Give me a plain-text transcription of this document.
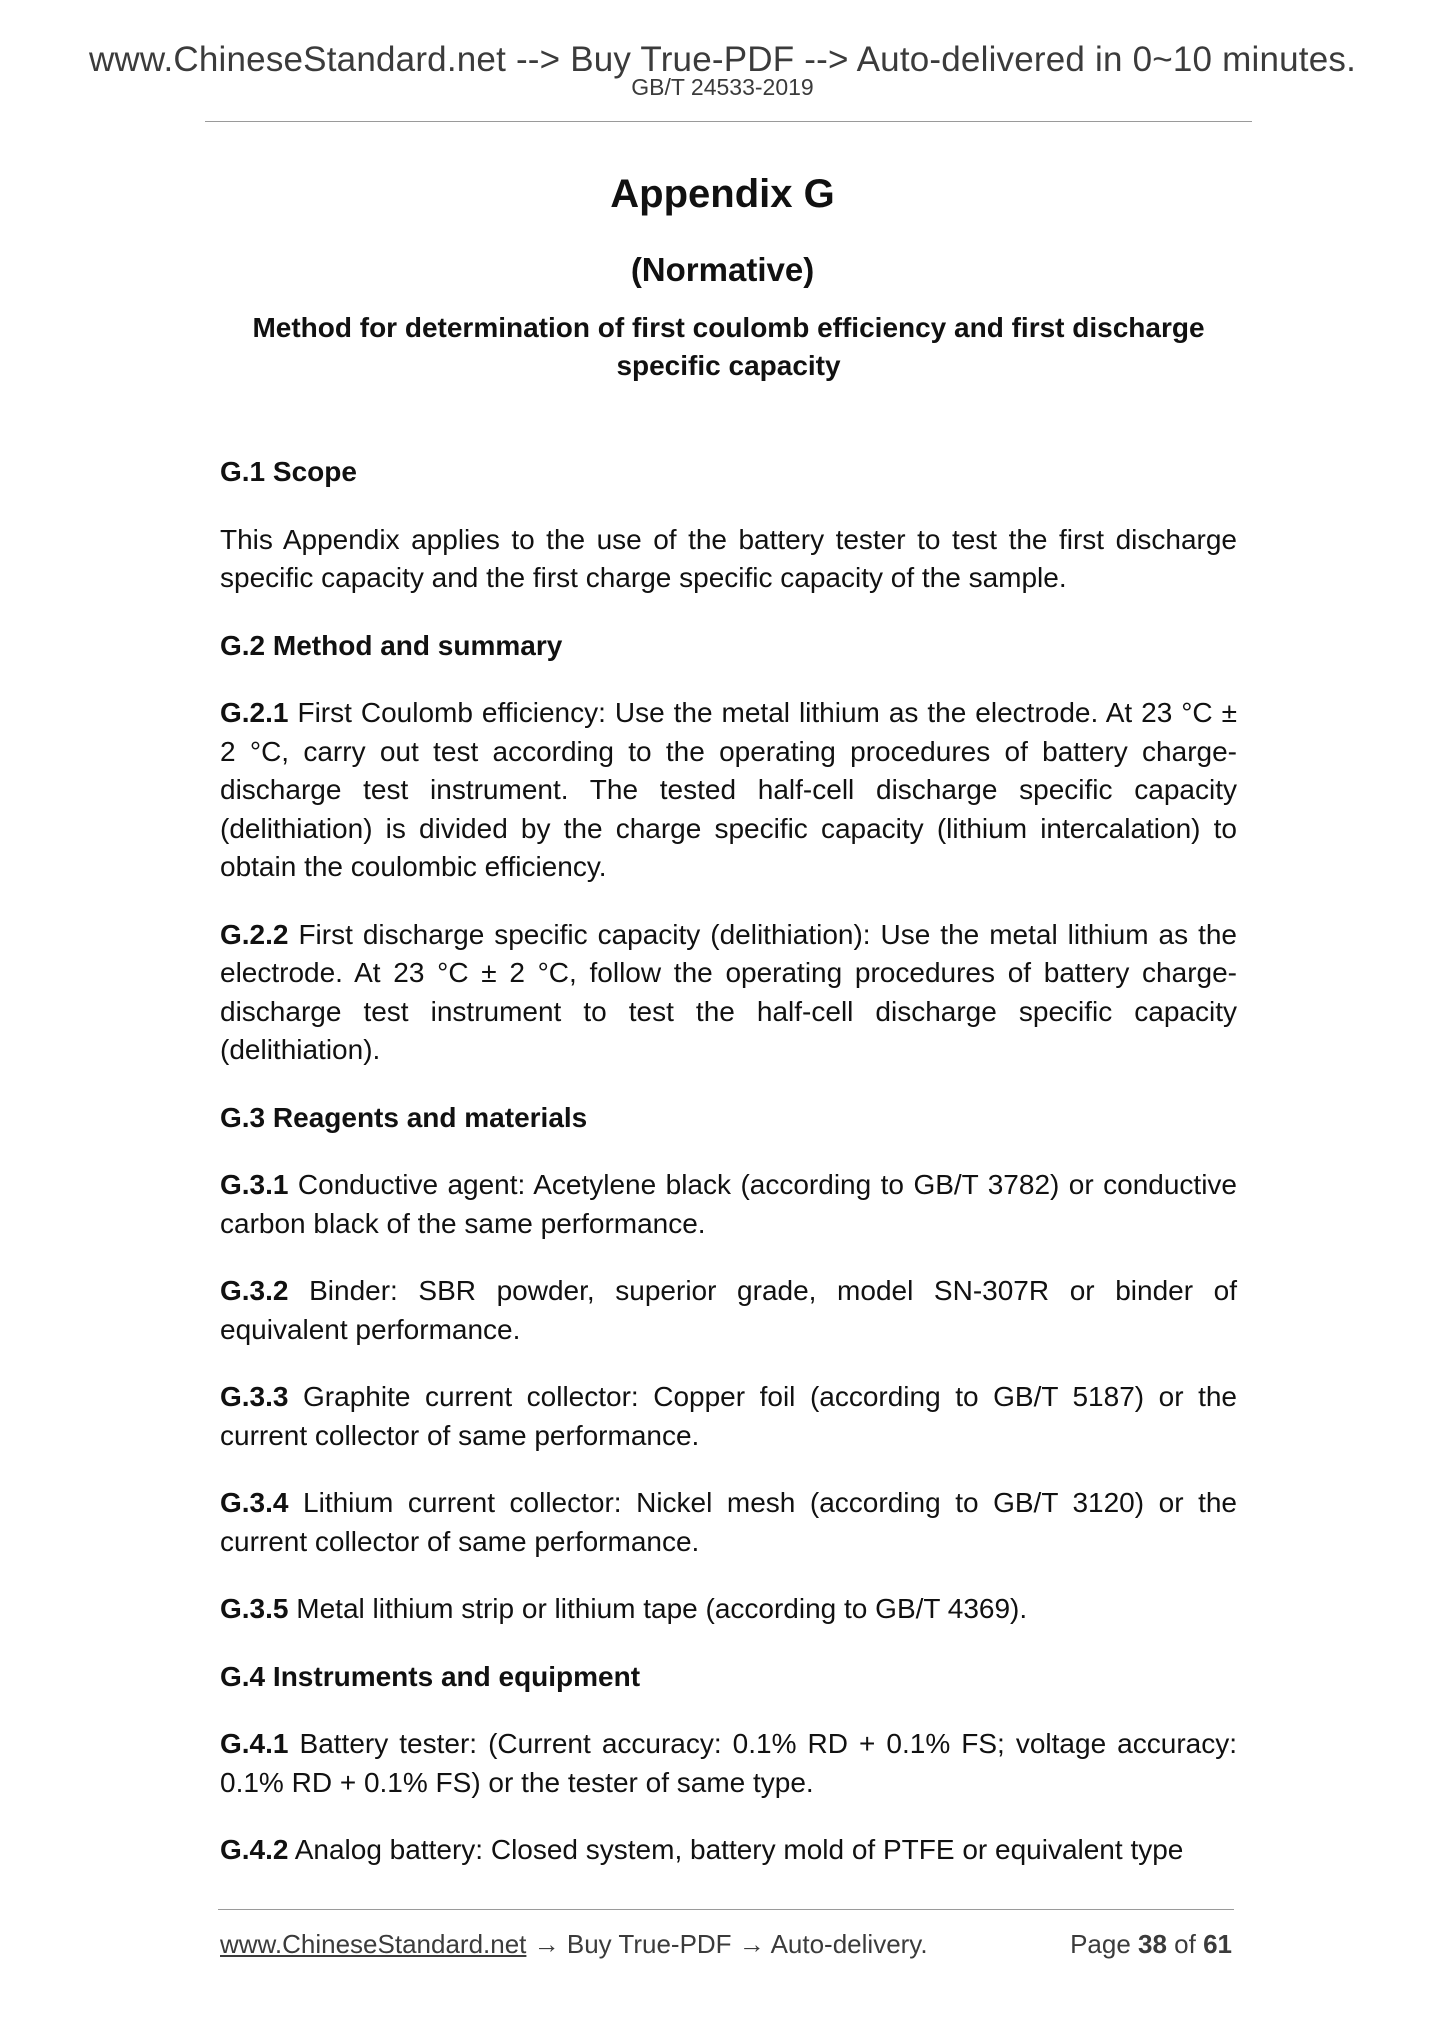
www.ChineseStandard.net --> Buy True-PDF --> Auto-delivered in 0~10 minutes.
GB/T 24533-2019
Appendix G
(Normative)
Method for determination of first coulomb efficiency and first discharge specific capacity
G.1 Scope

This Appendix applies to the use of the battery tester to test the first discharge specific capacity and the first charge specific capacity of the sample.

G.2 Method and summary

G.2.1 First Coulomb efficiency: Use the metal lithium as the electrode. At 23 °C ± 2 °C, carry out test according to the operating procedures of battery charge-discharge test instrument. The tested half-cell discharge specific capacity (delithiation) is divided by the charge specific capacity (lithium intercalation) to obtain the coulombic efficiency.

G.2.2 First discharge specific capacity (delithiation): Use the metal lithium as the electrode. At 23 °C ± 2 °C, follow the operating procedures of battery charge-discharge test instrument to test the half-cell discharge specific capacity (delithiation).

G.3 Reagents and materials

G.3.1 Conductive agent: Acetylene black (according to GB/T 3782) or conductive carbon black of the same performance.

G.3.2 Binder: SBR powder, superior grade, model SN-307R or binder of equivalent performance.

G.3.3 Graphite current collector: Copper foil (according to GB/T 5187) or the current collector of same performance.

G.3.4 Lithium current collector: Nickel mesh (according to GB/T 3120) or the current collector of same performance.

G.3.5 Metal lithium strip or lithium tape (according to GB/T 4369).

G.4 Instruments and equipment

G.4.1 Battery tester: (Current accuracy: 0.1% RD + 0.1% FS; voltage accuracy: 0.1% RD + 0.1% FS) or the tester of same type.

G.4.2 Analog battery: Closed system, battery mold of PTFE or equivalent type

www.ChineseStandard.net → Buy True-PDF → Auto-delivery.	Page 38 of 61
